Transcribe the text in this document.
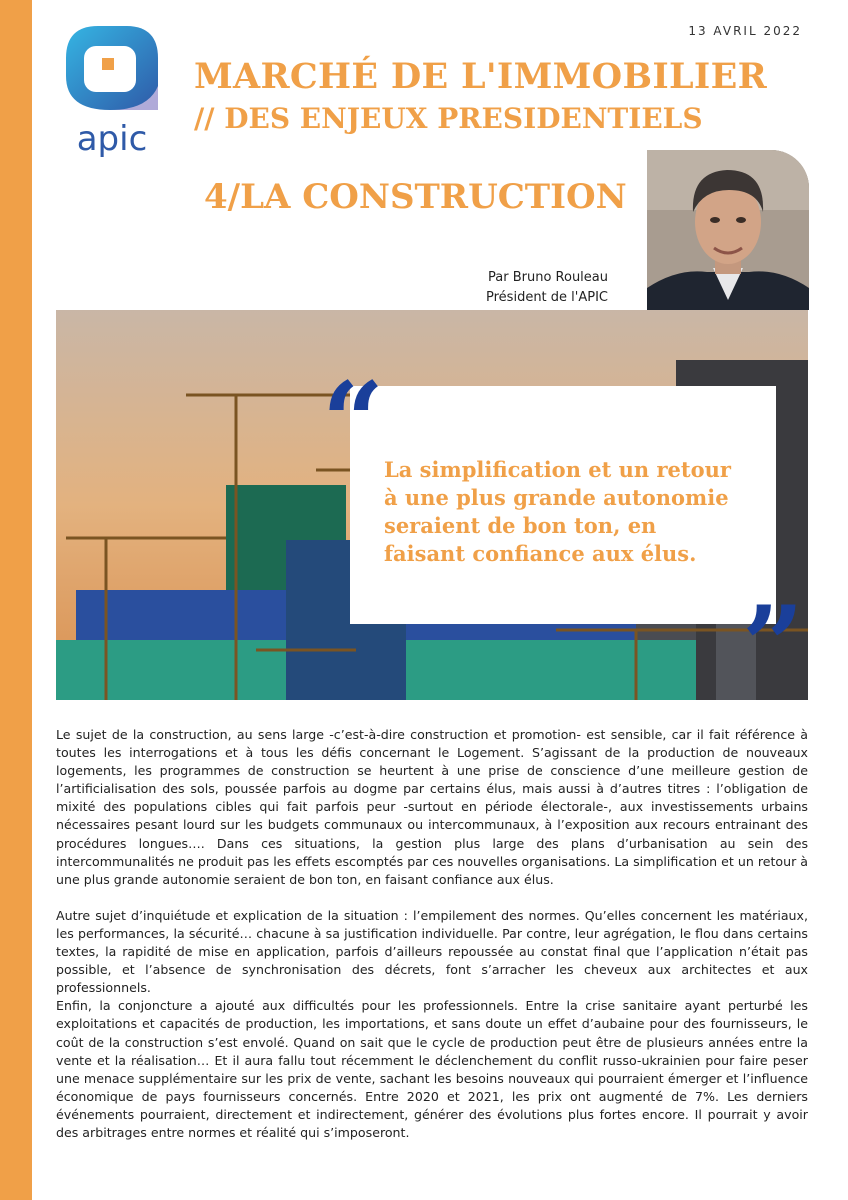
apic
13 AVRIL 2022
MARCHÉ DE L'IMMOBILIER
// DES ENJEUX PRESIDENTIELS
4/LA CONSTRUCTION
Par Bruno Rouleau
Président de l'APIC
“ La simplification et un retour à une plus grande autonomie seraient de bon ton, en faisant confiance aux élus.
”

Le sujet de la construction, au sens large -c’est-à-dire construction et promotion- est sensible, car il fait référence à toutes les interrogations et à tous les défis concernant le Logement. S’agissant de la production de nouveaux logements, les programmes de construction se heurtent à une prise de conscience d’une meilleure gestion de l’artificialisation des sols, poussée parfois au dogme par certains élus, mais aussi à d’autres titres : l’obligation de mixité des populations cibles qui fait parfois peur -surtout en période électorale-, aux investissements urbains nécessaires pesant lourd sur les budgets communaux ou intercommunaux, à l’exposition aux recours entrainant des procédures longues…. Dans ces situations, la gestion plus large des plans d’urbanisation au sein des intercommunalités ne produit pas les effets escomptés par ces nouvelles organisations. La simplification et un retour à une plus grande autonomie seraient de bon ton, en faisant confiance aux élus.

Autre sujet d’inquiétude et explication de la situation : l’empilement des normes. Qu’elles concernent les matériaux, les performances, la sécurité… chacune à sa justification individuelle. Par contre, leur agrégation, le flou dans certains textes, la rapidité de mise en application, parfois d’ailleurs repoussée au constat final que l’application n’était pas possible, et l’absence de synchronisation des décrets, font s’arracher les cheveux aux architectes et aux professionnels.

Enfin, la conjoncture a ajouté aux difficultés pour les professionnels. Entre la crise sanitaire ayant perturbé les exploitations et capacités de production, les importations, et sans doute un effet d’aubaine pour des fournisseurs, le coût de la construction s’est envolé. Quand on sait que le cycle de production peut être de plusieurs années entre la vente et la réalisation… Et il aura fallu tout récemment le déclenchement du conflit russo-ukrainien pour faire peser une menace supplémentaire sur les prix de vente, sachant les besoins nouveaux qui pourraient émerger et l’influence économique de pays fournisseurs concernés. Entre 2020 et 2021, les prix ont augmenté de 7%. Les derniers événements pourraient, directement et indirectement, générer des évolutions plus fortes encore. Il pourrait y avoir des arbitrages entre normes et réalité qui s’imposeront.
